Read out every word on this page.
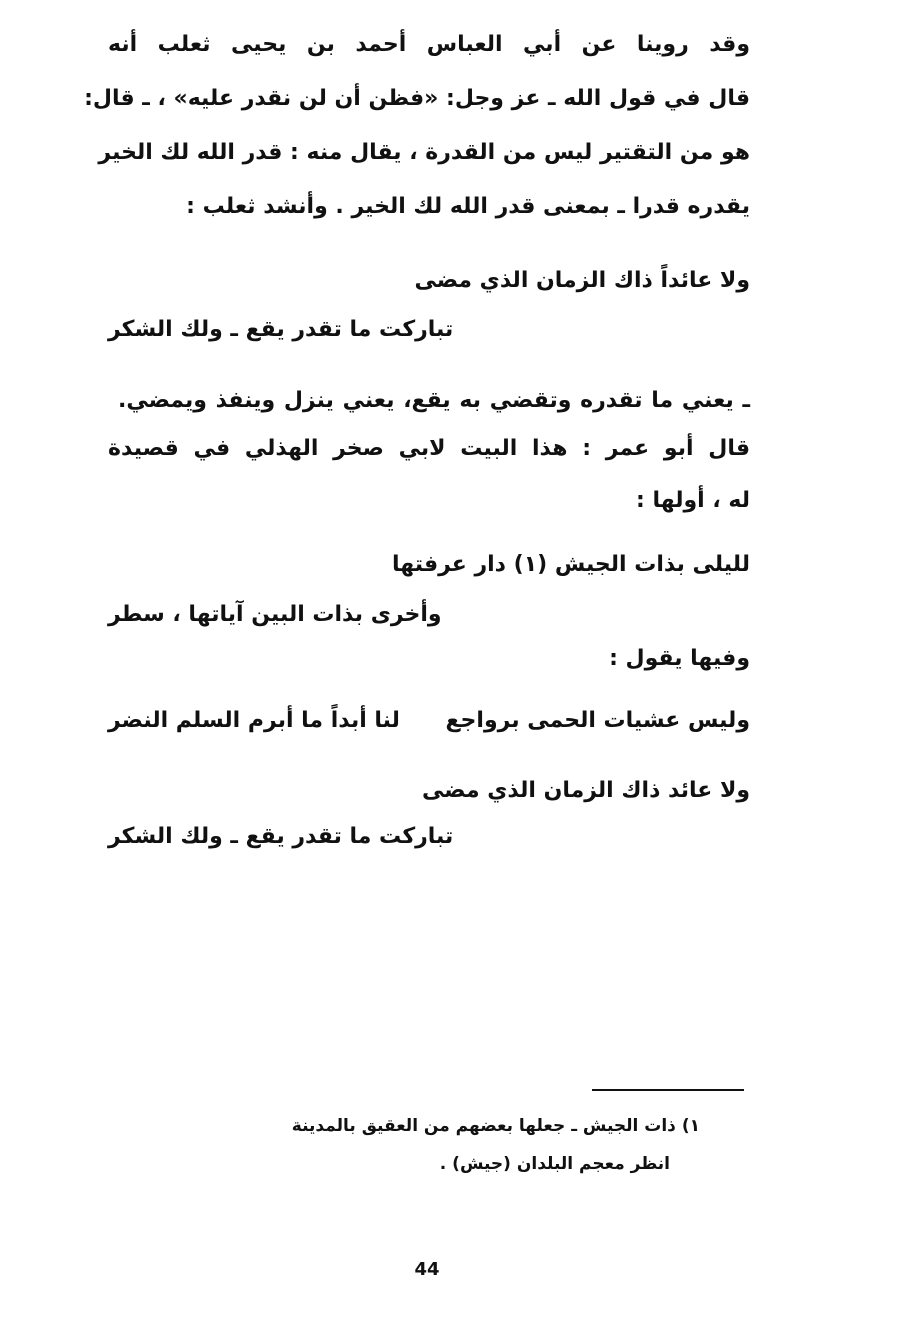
وقد روينا عن أبي العباس أحمد بن يحيى ثعلب أنه
قال في قول الله ـ عز وجل: «فظن أن لن نقدر عليه» ، ـ قال:
هو من التقتير ليس من القدرة ، يقال منه : قدر الله لك الخير
يقدره قدرا ـ بمعنى قدر الله لك الخير . وأنشد ثعلب :
ولا عائداً ذاك الزمان الذي مضى
تباركت ما تقدر يقع ـ ولك الشكر
ـ يعني ما تقدره وتقضي به يقع، يعني ينزل وينفذ ويمضي.
قال أبو عمر : هذا البيت لابي صخر الهذلي في قصيدة
له ، أولها :
لليلى بذات الجيش (١) دار عرفتها
وأخرى بذات البين آياتها ، سطر
وفيها يقول :
وليس عشيات الحمى برواجع
لنا أبداً ما أبرم السلم النضر
ولا عائد ذاك الزمان الذي مضى
تباركت ما تقدر يقع ـ ولك الشكر
١) ذات الجيش ـ جعلها بعضهم من العقيق بالمدينة
انظر معجم البلدان (جيش) .
44
